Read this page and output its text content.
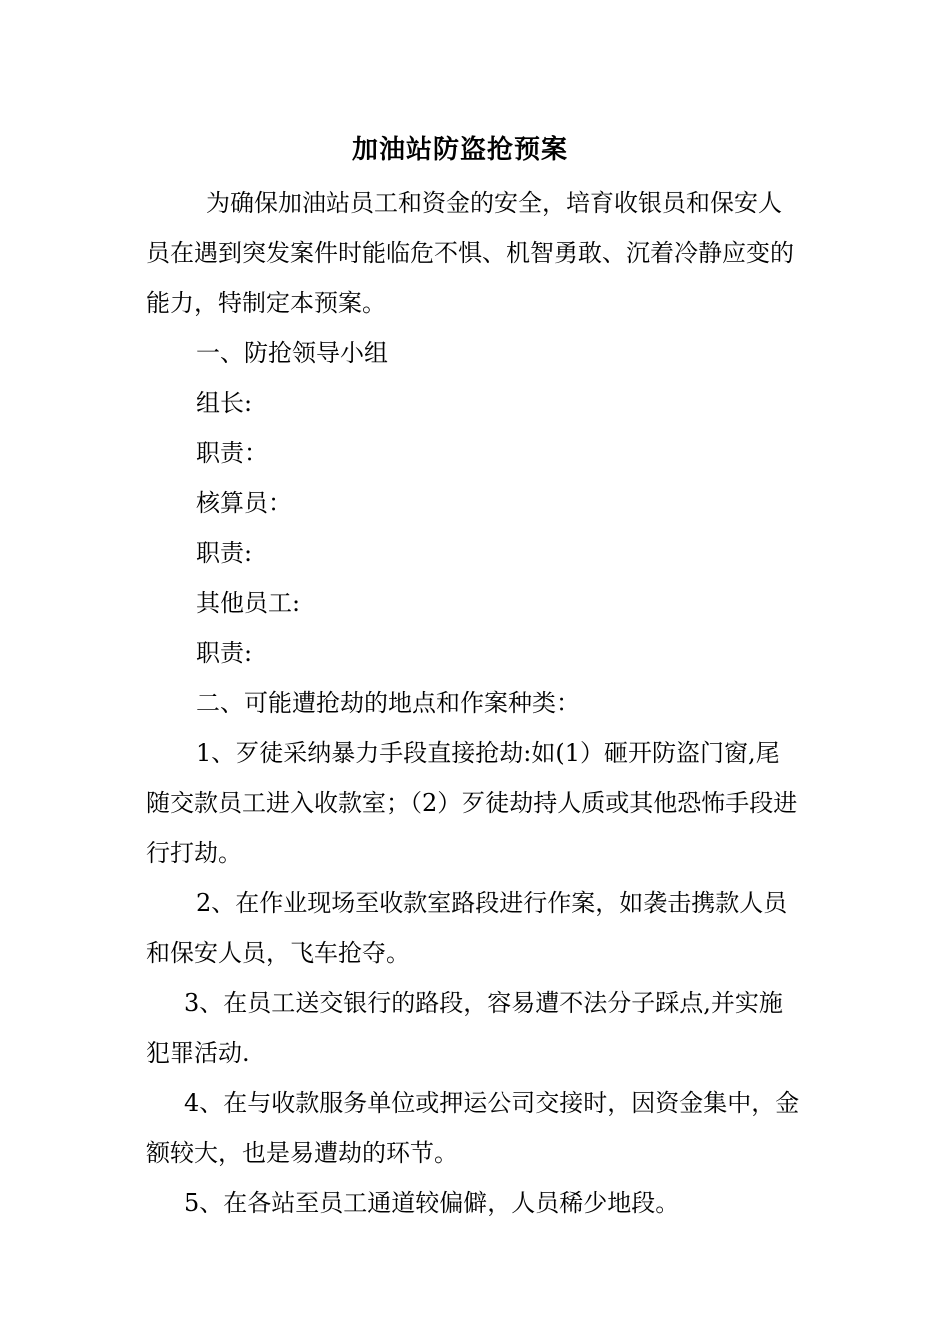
加油站防盗抢预案

为确保加油站员工和资金的安全，培育收银员和保安人员在遇到突发案件时能临危不惧、机智勇敢、沉着冷静应变的能力，特制定本预案。

一、防抢领导小组

组长:

职责：

核算员：

职责:

其他员工:

职责:

二、可能遭抢劫的地点和作案种类：

1、歹徒采纳暴力手段直接抢劫:如(1）砸开防盗门窗,尾随交款员工进入收款室；（2）歹徒劫持人质或其他恐怖手段进行打劫。

2、在作业现场至收款室路段进行作案，如袭击携款人员和保安人员，飞车抢夺。

3、在员工送交银行的路段，容易遭不法分子踩点,并实施犯罪活动.

4、在与收款服务单位或押运公司交接时，因资金集中，金额较大，也是易遭劫的环节。

5、在各站至员工通道较偏僻，人员稀少地段。
